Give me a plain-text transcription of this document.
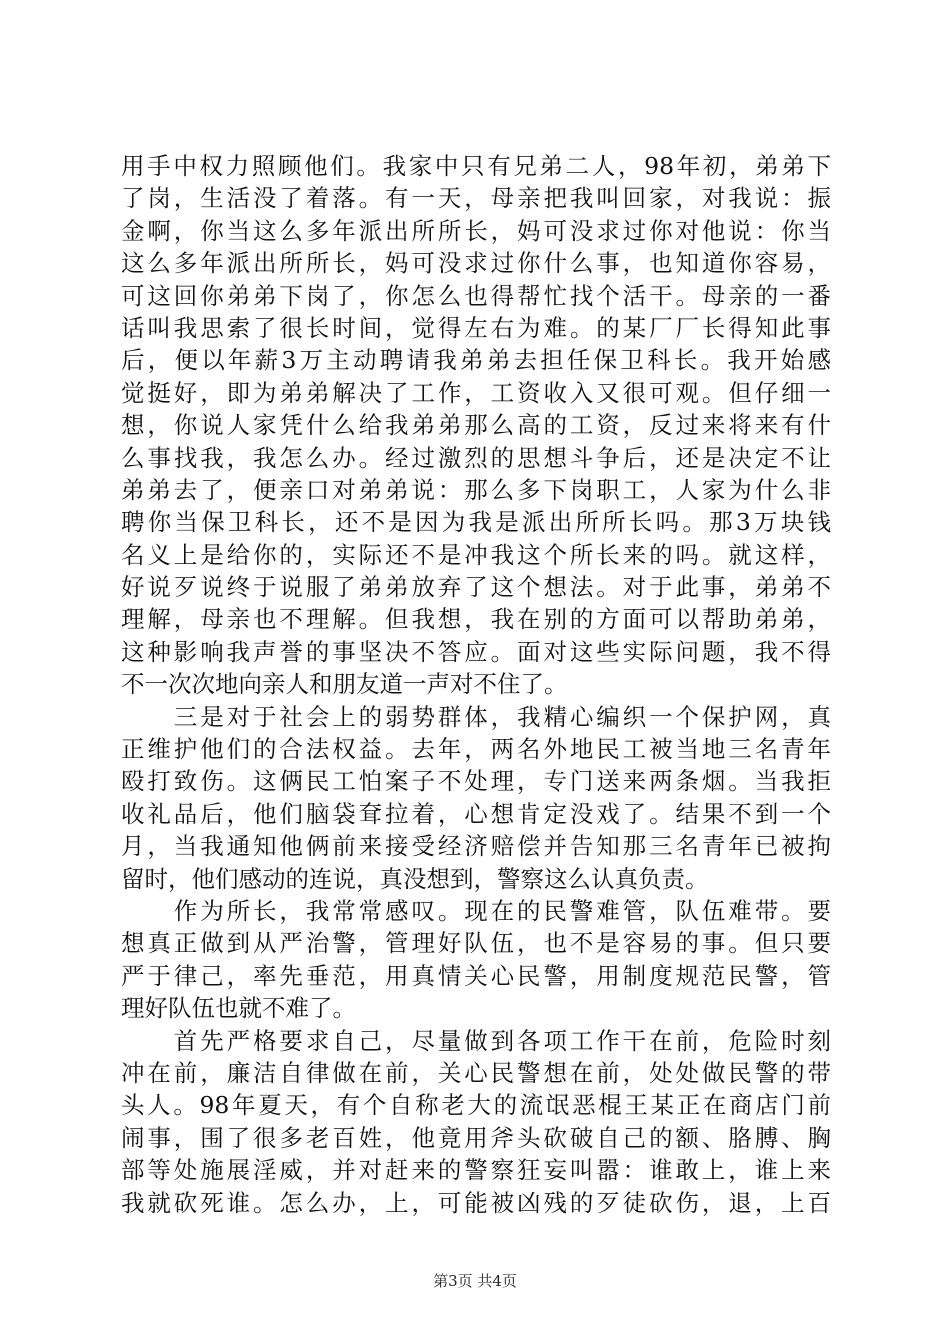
用手中权力照顾他们。我家中只有兄弟二人，98年初，弟弟下
了岗，生活没了着落。有一天，母亲把我叫回家，对我说：振
金啊，你当这么多年派出所所长，妈可没求过你对他说：你当
这么多年派出所所长，妈可没求过你什么事，也知道你容易，
可这回你弟弟下岗了，你怎么也得帮忙找个活干。母亲的一番
话叫我思索了很长时间，觉得左右为难。的某厂厂长得知此事
后，便以年薪3万主动聘请我弟弟去担任保卫科长。我开始感
觉挺好，即为弟弟解决了工作，工资收入又很可观。但仔细一
想，你说人家凭什么给我弟弟那么高的工资，反过来将来有什
么事找我，我怎么办。经过激烈的思想斗争后，还是决定不让
弟弟去了，便亲口对弟弟说：那么多下岗职工，人家为什么非
聘你当保卫科长，还不是因为我是派出所所长吗。那3万块钱
名义上是给你的，实际还不是冲我这个所长来的吗。就这样，
好说歹说终于说服了弟弟放弃了这个想法。对于此事，弟弟不
理解，母亲也不理解。但我想，我在别的方面可以帮助弟弟，
这种影响我声誉的事坚决不答应。面对这些实际问题，我不得
不一次次地向亲人和朋友道一声对不住了。
　　三是对于社会上的弱势群体，我精心编织一个保护网，真
正维护他们的合法权益。去年，两名外地民工被当地三名青年
殴打致伤。这俩民工怕案子不处理，专门送来两条烟。当我拒
收礼品后，他们脑袋耷拉着，心想肯定没戏了。结果不到一个
月，当我通知他俩前来接受经济赔偿并告知那三名青年已被拘
留时，他们感动的连说，真没想到，警察这么认真负责。
　　作为所长，我常常感叹。现在的民警难管，队伍难带。要
想真正做到从严治警，管理好队伍，也不是容易的事。但只要
严于律己，率先垂范，用真情关心民警，用制度规范民警，管
理好队伍也就不难了。
　　首先严格要求自己，尽量做到各项工作干在前，危险时刻
冲在前，廉洁自律做在前，关心民警想在前，处处做民警的带
头人。98年夏天，有个自称老大的流氓恶棍王某正在商店门前
闹事，围了很多老百姓，他竟用斧头砍破自己的额、胳膊、胸
部等处施展淫威，并对赶来的警察狂妄叫嚣：谁敢上，谁上来
我就砍死谁。怎么办，上，可能被凶残的歹徒砍伤，退，上百
第3页 共4页
